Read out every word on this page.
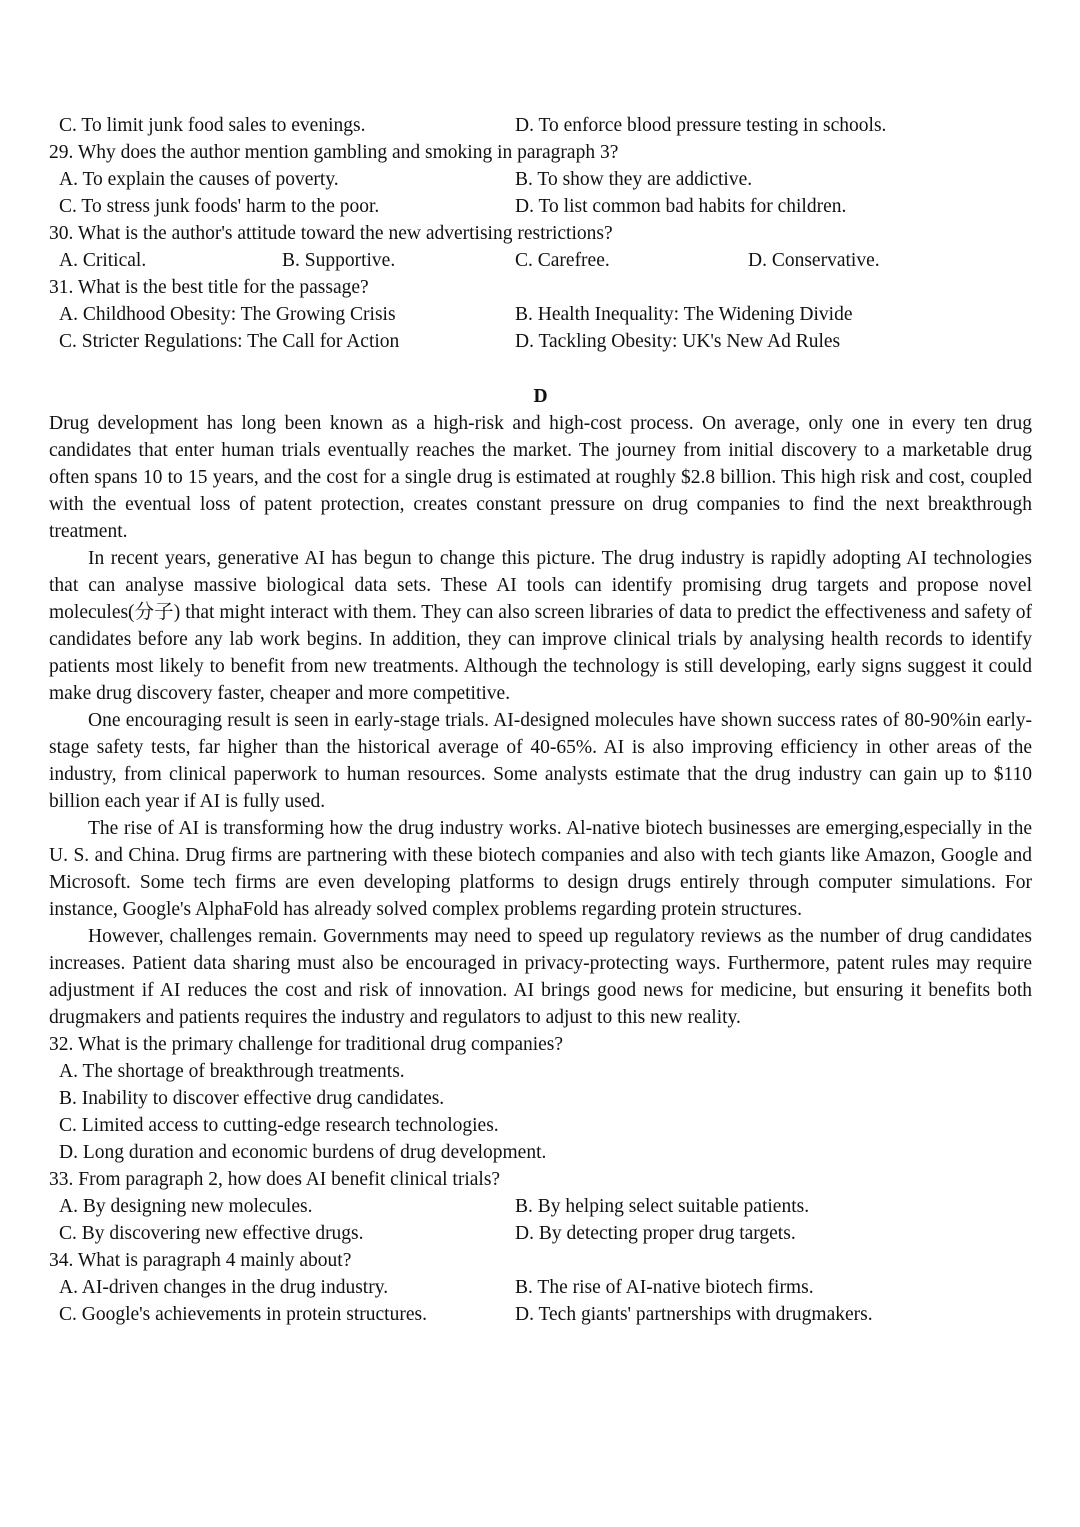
C. To limit junk food sales to evenings.	D. To enforce blood pressure testing in schools.
29. Why does the author mention gambling and smoking in paragraph 3?
A. To explain the causes of poverty.	B. To show they are addictive.
C. To stress junk foods' harm to the poor.	D. To list common bad habits for children.
30. What is the author's attitude toward the new advertising restrictions?
A. Critical.	B. Supportive.	C. Carefree.	D. Conservative.
31. What is the best title for the passage?
A. Childhood Obesity: The Growing Crisis	B. Health Inequality: The Widening Divide
C. Stricter Regulations: The Call for Action	D. Tackling Obesity: UK's New Ad Rules
D

Drug development has long been known as a high-risk and high-cost process. On average, only one in every ten drug candidates that enter human trials eventually reaches the market. The journey from initial discovery to a marketable drug often spans 10 to 15 years, and the cost for a single drug is estimated at roughly $2.8 billion. This high risk and cost, coupled with the eventual loss of patent protection, creates constant pressure on drug companies to find the next breakthrough treatment.

In recent years, generative AI has begun to change this picture. The drug industry is rapidly adopting AI technologies that can analyse massive biological data sets. These AI tools can identify promising drug targets and propose novel molecules(分子) that might interact with them. They can also screen libraries of data to predict the effectiveness and safety of candidates before any lab work begins. In addition, they can improve clinical trials by analysing health records to identify patients most likely to benefit from new treatments. Although the technology is still developing, early signs suggest it could make drug discovery faster, cheaper and more competitive.

One encouraging result is seen in early-stage trials. AI-designed molecules have shown success rates of 80-90%in early-stage safety tests, far higher than the historical average of 40-65%. AI is also improving efficiency in other areas of the industry, from clinical paperwork to human resources. Some analysts estimate that the drug industry can gain up to $110 billion each year if AI is fully used.

The rise of AI is transforming how the drug industry works. Al-native biotech businesses are emerging,especially in the U. S. and China. Drug firms are partnering with these biotech companies and also with tech giants like Amazon, Google and Microsoft. Some tech firms are even developing platforms to design drugs entirely through computer simulations. For instance, Google's AlphaFold has already solved complex problems regarding protein structures.

However, challenges remain. Governments may need to speed up regulatory reviews as the number of drug candidates increases. Patient data sharing must also be encouraged in privacy-protecting ways. Furthermore, patent rules may require adjustment if AI reduces the cost and risk of innovation. AI brings good news for medicine, but ensuring it benefits both drugmakers and patients requires the industry and regulators to adjust to this new reality.

32. What is the primary challenge for traditional drug companies?
A. The shortage of breakthrough treatments.
B. Inability to discover effective drug candidates.
C. Limited access to cutting-edge research technologies.
D. Long duration and economic burdens of drug development.
33. From paragraph 2, how does AI benefit clinical trials?
A. By designing new molecules.	B. By helping select suitable patients.
C. By discovering new effective drugs.	D. By detecting proper drug targets.
34. What is paragraph 4 mainly about?
A. AI-driven changes in the drug industry.	B. The rise of AI-native biotech firms.
C. Google's achievements in protein structures.	D. Tech giants' partnerships with drugmakers.
